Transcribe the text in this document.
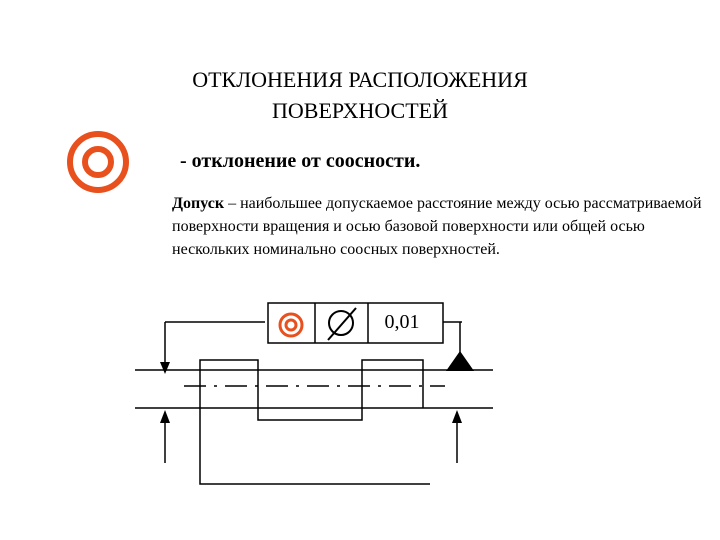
ОТКЛОНЕНИЯ РАСПОЛОЖЕНИЯ
ПОВЕРХНОСТЕЙ
- отклонение от соосности.
Допуск – наибольшее допускаемое расстояние между осью рассматриваемой поверхности вращения и осью базовой поверхности или общей осью нескольких номинально соосных поверхностей.
0,01
